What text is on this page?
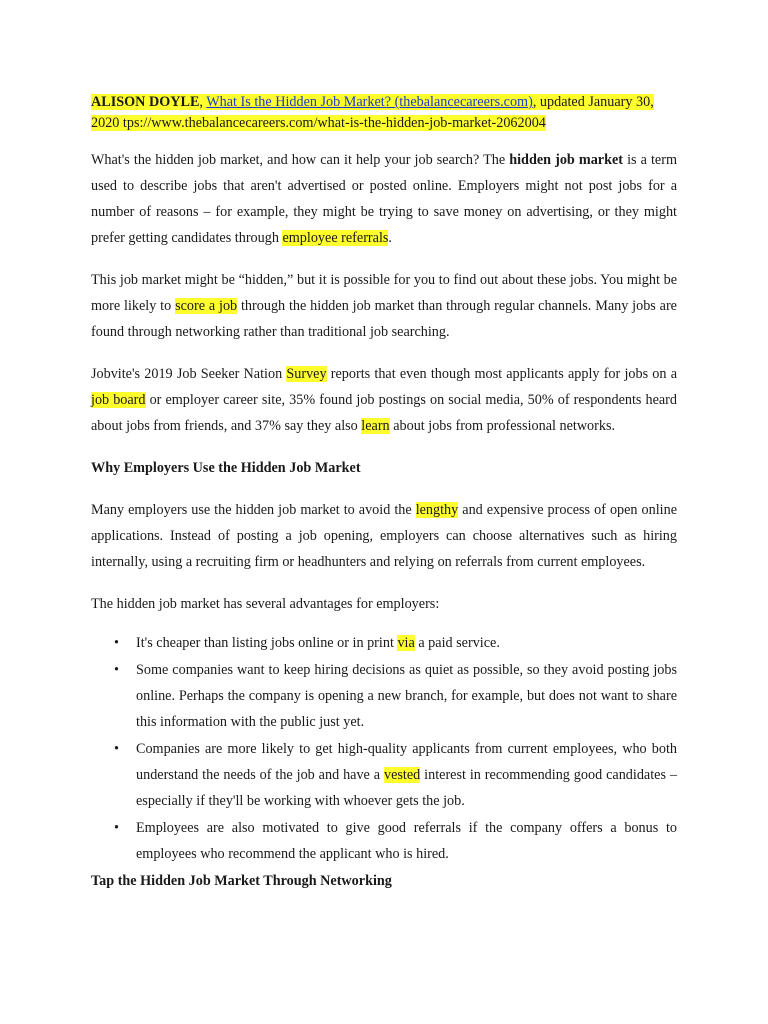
ALISON DOYLE, What Is the Hidden Job Market? (thebalancecareers.com), updated January 30, 2020 tps://www.thebalancecareers.com/what-is-the-hidden-job-market-2062004

What's the hidden job market, and how can it help your job search? The hidden job market is a term used to describe jobs that aren't advertised or posted online. Employers might not post jobs for a number of reasons – for example, they might be trying to save money on advertising, or they might prefer getting candidates through employee referrals.

This job market might be “hidden,” but it is possible for you to find out about these jobs. You might be more likely to score a job through the hidden job market than through regular channels. Many jobs are found through networking rather than traditional job searching.

Jobvite's 2019 Job Seeker Nation Survey reports that even though most applicants apply for jobs on a job board or employer career site, 35% found job postings on social media, 50% of respondents heard about jobs from friends, and 37% say they also learn about jobs from professional networks.

Why Employers Use the Hidden Job Market

Many employers use the hidden job market to avoid the lengthy and expensive process of open online applications. Instead of posting a job opening, employers can choose alternatives such as hiring internally, using a recruiting firm or headhunters and relying on referrals from current employees.

The hidden job market has several advantages for employers:

• It's cheaper than listing jobs online or in print via a paid service.
• Some companies want to keep hiring decisions as quiet as possible, so they avoid posting jobs online. Perhaps the company is opening a new branch, for example, but does not want to share this information with the public just yet.
• Companies are more likely to get high-quality applicants from current employees, who both understand the needs of the job and have a vested interest in recommending good candidates – especially if they'll be working with whoever gets the job.
• Employees are also motivated to give good referrals if the company offers a bonus to employees who recommend the applicant who is hired.

Tap the Hidden Job Market Through Networking
